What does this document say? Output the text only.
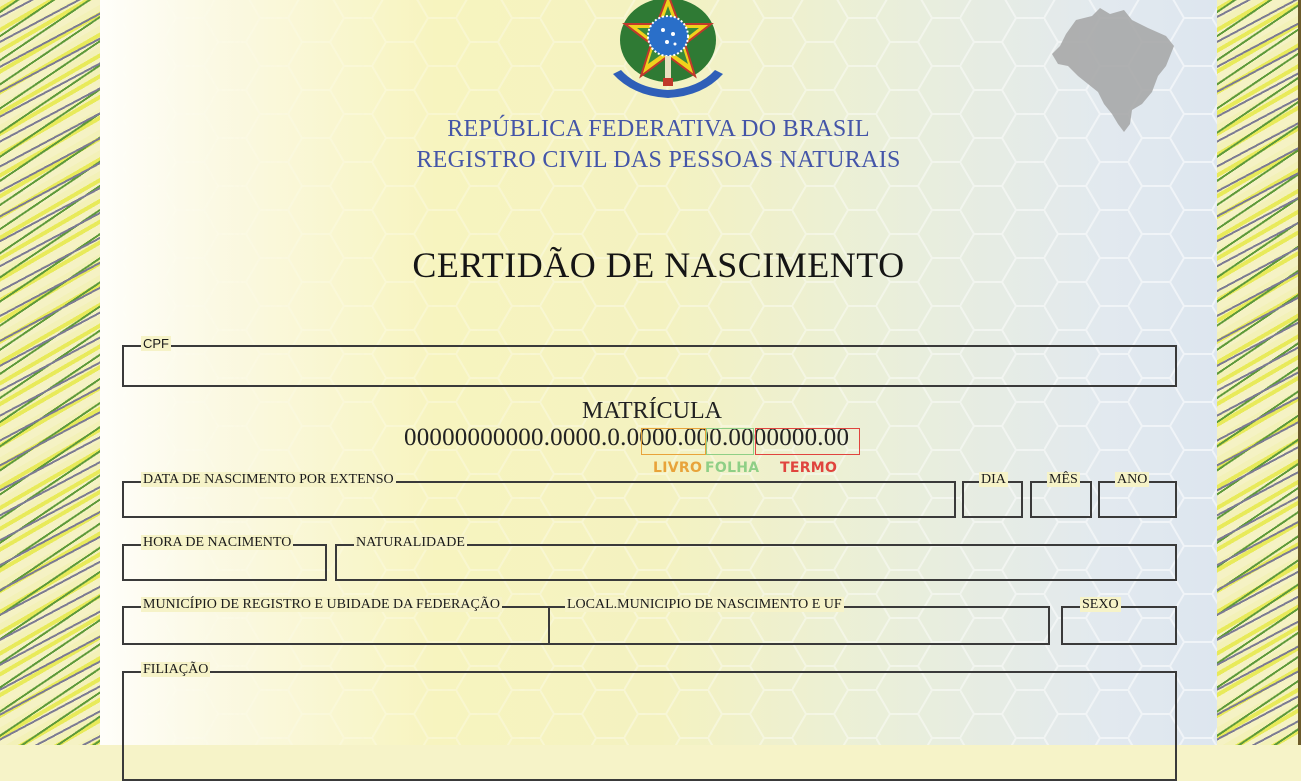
REPÚBLICA FEDERATIVA DO BRASIL
REGISTRO CIVIL DAS PESSOAS NATURAIS
CERTIDÃO DE NASCIMENTO
CPF
MATRÍCULA
00000000000.0000.0.0000.000.0000000.00
LIVRO FOLHA TERMO
DATA DE NASCIMENTO POR EXTENSO	DIA	MÊS	ANO
HORA DE NACIMENTO	NATURALIDADE
MUNICÍPIO DE REGISTRO E UBIDADE DA FEDERAÇÃO	LOCAL.MUNICIPIO DE NASCIMENTO E UF	SEXO
FILIAÇÃO
